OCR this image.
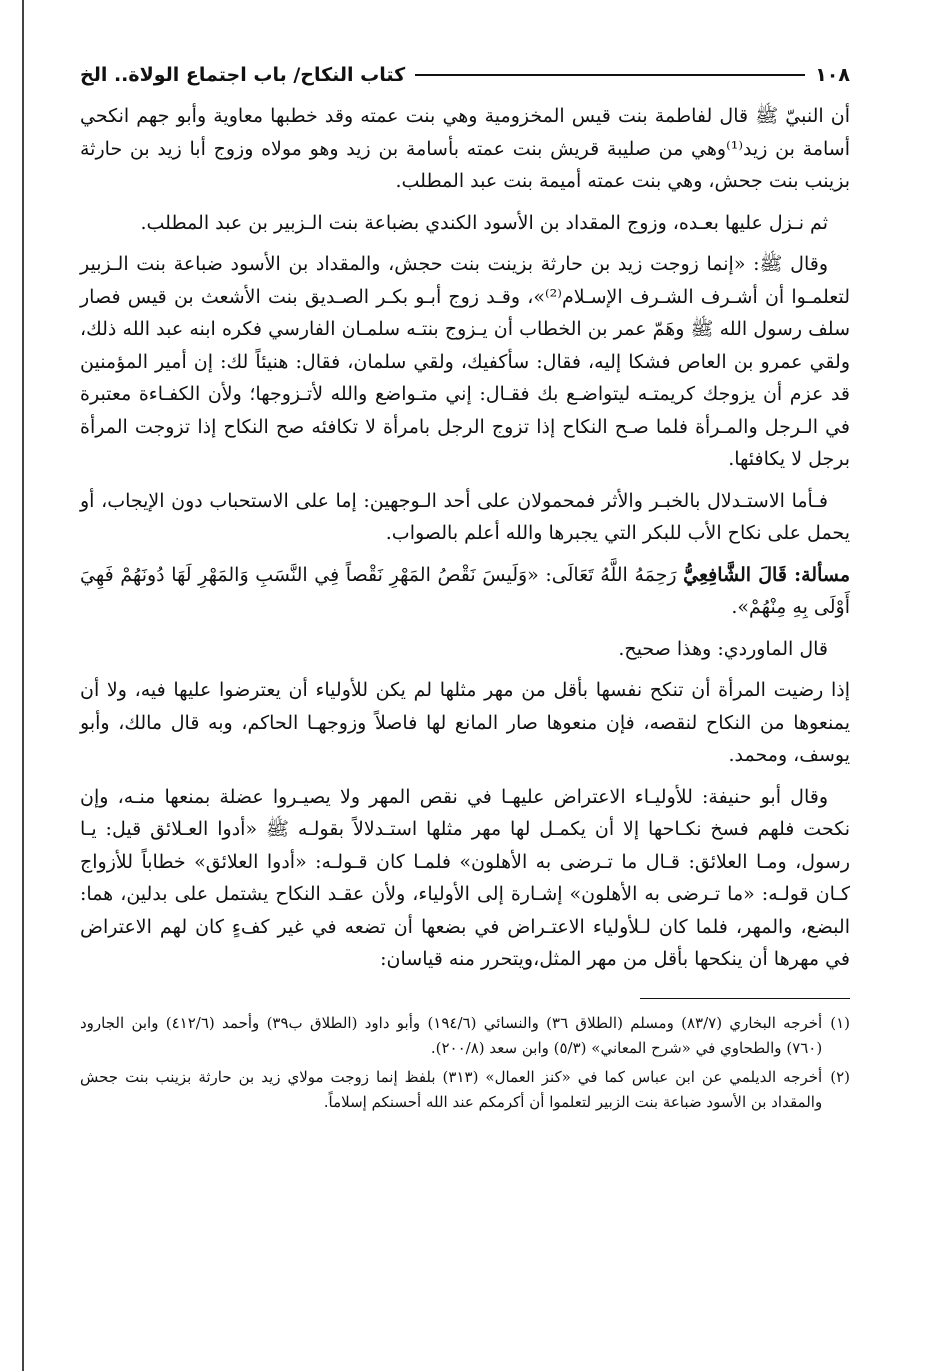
١٠٨
كتاب النكاح/ باب اجتماع الولاة.. الخ

أن النبيّ ﷺ قال لفاطمة بنت قيس المخزومية وهي بنت عمته وقد خطبها معاوية وأبو جهم انكحي أسامة بن زيد⁽¹⁾وهي من صليبة قريش بنت عمته بأسامة بن زيد وهو مولاه وزوج أبا زيد بن حارثة بزينب بنت جحش، وهي بنت عمته أميمة بنت عبد المطلب.

ثم نـزل عليها بعـده، وزوج المقداد بن الأسود الكندي بضباعة بنت الـزبير بن عبد المطلب.

وقال ﷺ: «إنما زوجت زيد بن حارثة بزينت بنت حجش، والمقداد بن الأسود ضباعة بنت الـزبير لتعلمـوا أن أشـرف الشـرف الإسـلام⁽²⁾»، وقـد زوج أبـو بكـر الصـديق بنت الأشعث بن قيس فصار سلف رسول الله ﷺ وهَمّ عمر بن الخطاب أن يـزوج بنتـه سلمـان الفارسي فكره ابنه عبد الله ذلك، ولقي عمرو بن العاص فشكا إليه، فقال: سأكفيك، ولقي سلمان، فقال: هنيئاً لك: إن أمير المؤمنين قد عزم أن يزوجك كريمتـه ليتواضـع بك فقـال: إني متـواضع والله لأتـزوجها؛ ولأن الكفـاءة معتبرة في الـرجل والمـرأة فلما صـح النكاح إذا تزوج الرجل بامرأة لا تكافئه صح النكاح إذا تزوجت المرأة برجل لا يكافئها.

فـأما الاستـدلال بالخبـر والأثر فمحمولان على أحد الـوجهين: إما على الاستحباب دون الإيجاب، أو يحمل على نكاح الأب للبكر التي يجبرها والله أعلم بالصواب.

مسألة: قَالَ الشَّافِعِيُّ رَحِمَهُ اللَّهُ تَعَالَى: «وَلَيسَ نَقْصُ المَهْرِ نَقْصاً فِي النَّسَبِ وَالمَهْرِ لَهَا دُونَهُمْ فَهِيَ أَوْلَى بِهِ مِنْهُمْ».

قال الماوردي: وهذا صحيح.

إذا رضيت المرأة أن تنكح نفسها بأقل من مهر مثلها لم يكن للأولياء أن يعترضوا عليها فيه، ولا أن يمنعوها من النكاح لنقصه، فإن منعوها صار المانع لها فاصلاً وزوجهـا الحاكم، وبه قال مالك، وأبو يوسف، ومحمد.

وقال أبو حنيفة: للأوليـاء الاعتراض عليهـا في نقص المهر ولا يصيـروا عضلة بمنعها منـه، وإن نكحت فلهم فسخ نكـاحها إلا أن يكمـل لها مهر مثلها استـدلالاً بقولـه ﷺ «أدوا العـلائق قيل: يـا رسول، ومـا العلائق: قـال ما تـرضى به الأهلون» فلمـا كان قـولـه: «أدوا العلائق» خطاباً للأزواج كـان قولـه: «ما تـرضى به الأهلون» إشـارة إلى الأولياء، ولأن عقـد النكاح يشتمل على بدلين، هما: البضع، والمهر، فلما كان لـلأولياء الاعتـراض في بضعها أن تضعه في غير كفءٍ كان لهم الاعتراض في مهرها أن ينكحها بأقل من مهر المثل،ويتحرر منه قياسان:

(١)
أخرجه البخاري (٨٣/٧) ومسلم (الطلاق ٣٦) والنسائي (١٩٤/٦) وأبو داود (الطلاق ب٣٩) وأحمد (٤١٢/٦) وابن الجارود (٧٦٠) والطحاوي في «شرح المعاني» (٥/٣) وابن سعد (٢٠٠/٨).
(٢)
أخرجه الديلمي عن ابن عباس كما في «كنز العمال» (٣١٣) بلفظ إنما زوجت مولاي زيد بن حارثة بزينب بنت جحش والمقداد بن الأسود ضباعة بنت الزبير لتعلموا أن أكرمكم عند الله أحسنكم إسلاماً.
